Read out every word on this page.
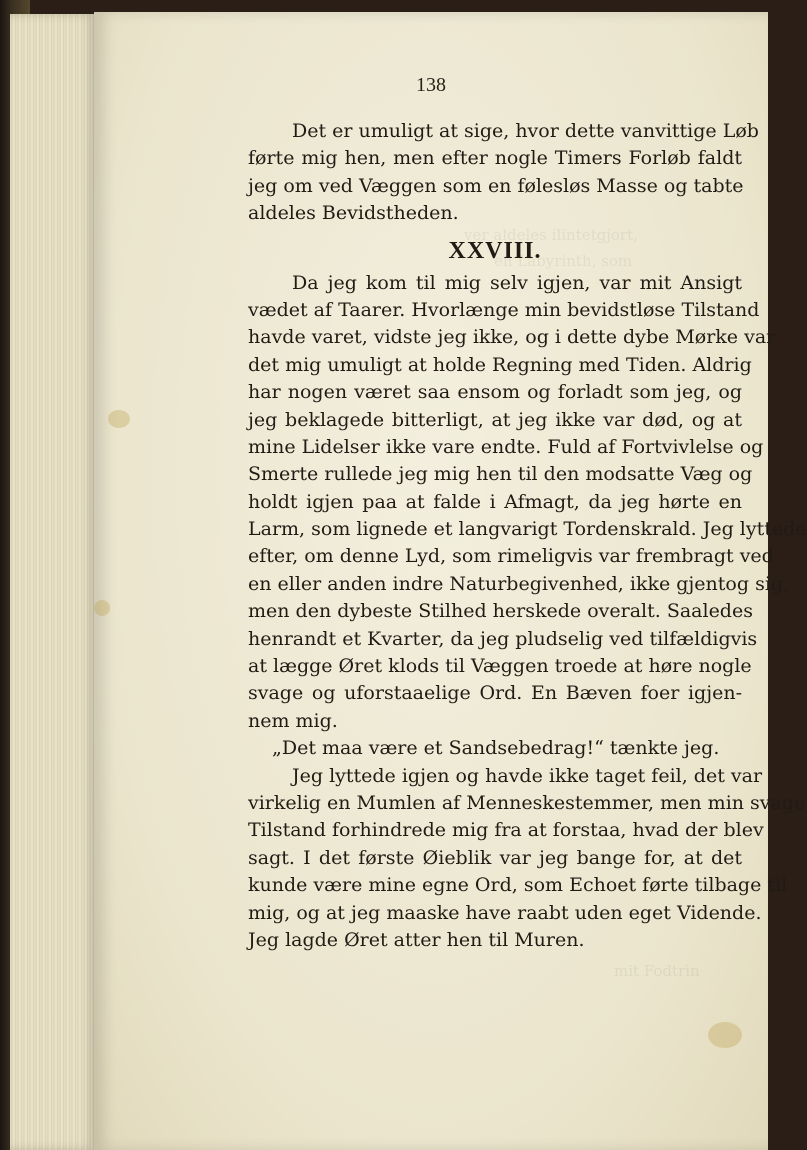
ver aldeles ilintetgjort,
en Labyrinth, som
mit Fodtrin
138
Det er umuligt at sige, hvor dette vanvittige Løb
førte mig hen, men efter nogle Timers Forløb faldt
jeg om ved Væggen som en følesløs Masse og tabte
aldeles Bevidstheden.
XXVIII.
Da jeg kom til mig selv igjen, var mit Ansigt
vædet af Taarer. Hvorlænge min bevidstløse Tilstand
havde varet, vidste jeg ikke, og i dette dybe Mørke var
det mig umuligt at holde Regning med Tiden. Aldrig
har nogen været saa ensom og forladt som jeg, og
jeg beklagede bitterligt, at jeg ikke var død, og at
mine Lidelser ikke vare endte. Fuld af Fortvivlelse og
Smerte rullede jeg mig hen til den modsatte Væg og
holdt igjen paa at falde i Afmagt, da jeg hørte en
Larm, som lignede et langvarigt Tordenskrald. Jeg lyttede
efter, om denne Lyd, som rimeligvis var frembragt ved
en eller anden indre Naturbegivenhed, ikke gjentog sig,
men den dybeste Stilhed herskede overalt. Saaledes
henrandt et Kvarter, da jeg pludselig ved tilfældigvis
at lægge Øret klods til Væggen troede at høre nogle
svage og uforstaaelige Ord. En Bæven foer igjen-
nem mig.
„Det maa være et Sandsebedrag!“ tænkte jeg.
Jeg lyttede igjen og havde ikke taget feil, det var
virkelig en Mumlen af Menneskestemmer, men min svage
Tilstand forhindrede mig fra at forstaa, hvad der blev
sagt. I det første Øieblik var jeg bange for, at det
kunde være mine egne Ord, som Echoet førte tilbage til
mig, og at jeg maaske have raabt uden eget Vidende.
Jeg lagde Øret atter hen til Muren.
